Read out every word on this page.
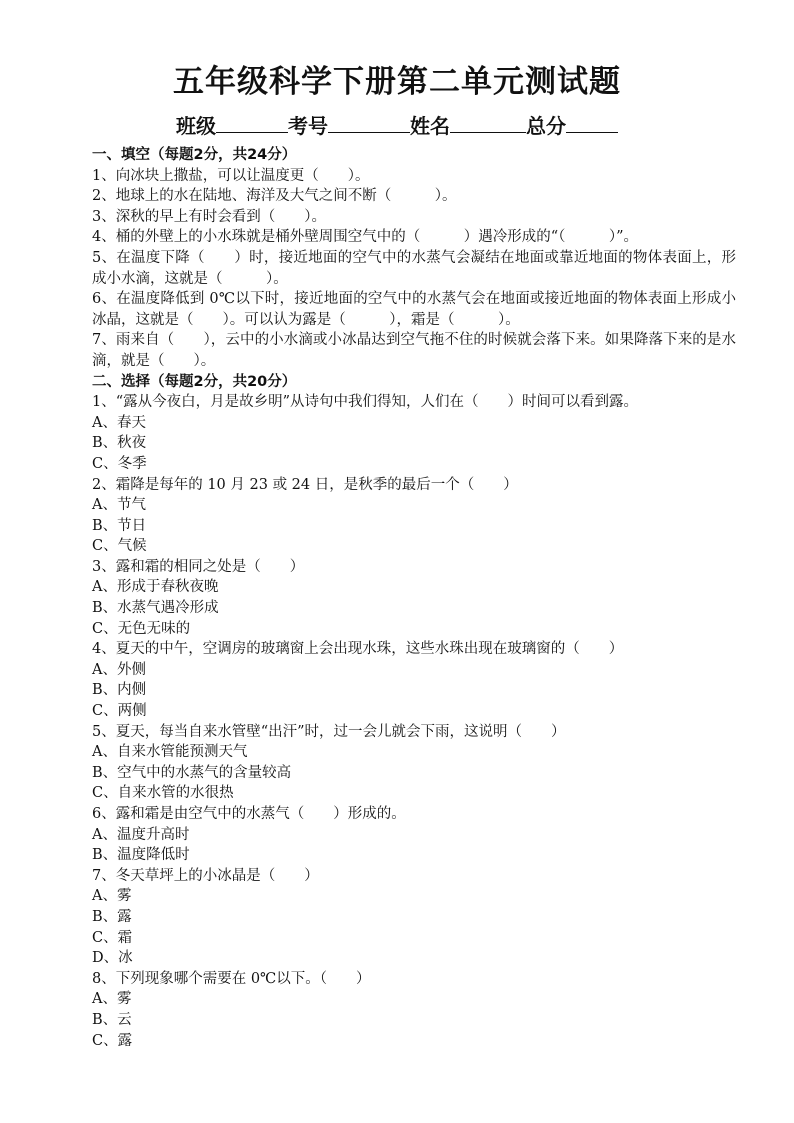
五年级科学下册第二单元测试题
班级	考号	姓名	总分
一、填空（每题2分，共24分）
1、向冰块上撒盐，可以让温度更（　　）。
2、地球上的水在陆地、海洋及大气之间不断（　　　）。
3、深秋的早上有时会看到（　　）。
4、桶的外壁上的小水珠就是桶外壁周围空气中的（　　　）遇冷形成的“（　　　）”。
5、在温度下降（　　）时，接近地面的空气中的水蒸气会凝结在地面或靠近地面的物体表面上，形成小水滴，这就是（　　　）。
6、在温度降低到 0℃以下时，接近地面的空气中的水蒸气会在地面或接近地面的物体表面上形成小冰晶，这就是（　　）。可以认为露是（　　　），霜是（　　　）。
7、雨来自（　　），云中的小水滴或小冰晶达到空气拖不住的时候就会落下来。如果降落下来的是水滴，就是（　　）。
二、选择（每题2分，共20分）
1、“露从今夜白，月是故乡明”从诗句中我们得知，人们在（　　）时间可以看到露。
A、春天
B、秋夜
C、冬季
2、霜降是每年的 10 月 23 或 24 日，是秋季的最后一个（　　）
A、节气
B、节日
C、气候
3、露和霜的相同之处是（　　）
A、形成于春秋夜晚
B、水蒸气遇冷形成
C、无色无味的
4、夏天的中午，空调房的玻璃窗上会出现水珠，这些水珠出现在玻璃窗的（　　）
A、外侧
B、内侧
C、两侧
5、夏天，每当自来水管壁“出汗”时，过一会儿就会下雨，这说明（　　）
A、自来水管能预测天气
B、空气中的水蒸气的含量较高
C、自来水管的水很热
6、露和霜是由空气中的水蒸气（　　）形成的。
A、温度升高时
B、温度降低时
7、冬天草坪上的小冰晶是（　　）
A、雾
B、露
C、霜
D、冰
8、下列现象哪个需要在 0℃以下。（　　）
A、雾
B、云
C、露
